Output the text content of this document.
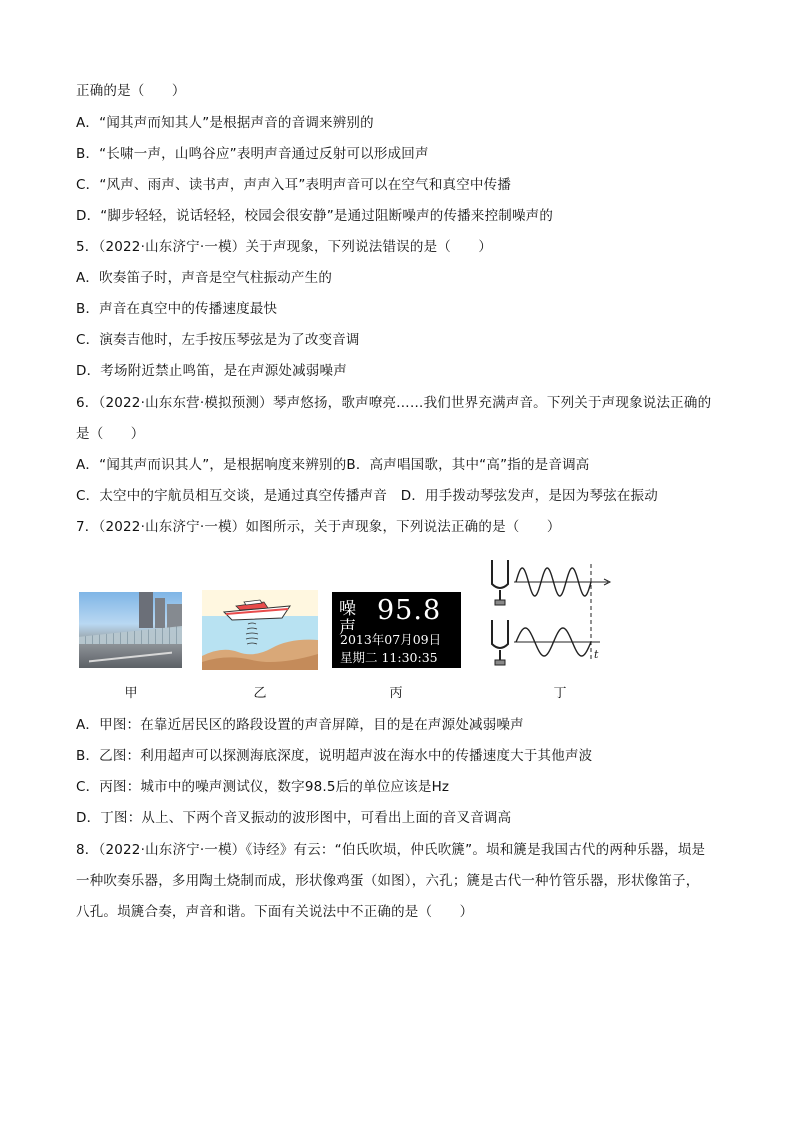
正确的是（　　）
A．“闻其声而知其人”是根据声音的音调来辨别的
B．“长啸一声，山鸣谷应”表明声音通过反射可以形成回声
C．“风声、雨声、读书声，声声入耳”表明声音可以在空气和真空中传播
D．“脚步轻轻，说话轻轻，校园会很安静”是通过阻断噪声的传播来控制噪声的
5．（2022·山东济宁·一模）关于声现象，下列说法错误的是（　　）
A．吹奏笛子时，声音是空气柱振动产生的
B．声音在真空中的传播速度最快
C．演奏吉他时，左手按压琴弦是为了改变音调
D．考场附近禁止鸣笛，是在声源处减弱噪声
6．（2022·山东东营·模拟预测）琴声悠扬，歌声嘹亮……我们世界充满声音。下列关于声现象说法正确的
是（　　）
A．“闻其声而识其人”，是根据响度来辨别的B．高声唱国歌，其中“高”指的是音调高
C．太空中的宇航员相互交谈，是通过真空传播声音　D．用手拨动琴弦发声，是因为琴弦在振动
7．（2022·山东济宁·一模）如图所示，关于声现象，下列说法正确的是（　　）
噪
声
95.8
2013年07月09日
星期二 11:30:35	t
甲	乙	丙	丁
A．甲图：在靠近居民区的路段设置的声音屏障，目的是在声源处减弱噪声
B．乙图：利用超声可以探测海底深度，说明超声波在海水中的传播速度大于其他声波
C．丙图：城市中的噪声测试仪，数字98.5后的单位应该是Hz
D．丁图：从上、下两个音叉振动的波形图中，可看出上面的音叉音调高
8．（2022·山东济宁·一模）《诗经》有云：“伯氏吹埙，仲氏吹篪”。埙和篪是我国古代的两种乐器，埙是
一种吹奏乐器，多用陶土烧制而成，形状像鸡蛋（如图），六孔；篪是古代一种竹管乐器，形状像笛子，
八孔。埙篪合奏，声音和谐。下面有关说法中不正确的是（　　）
